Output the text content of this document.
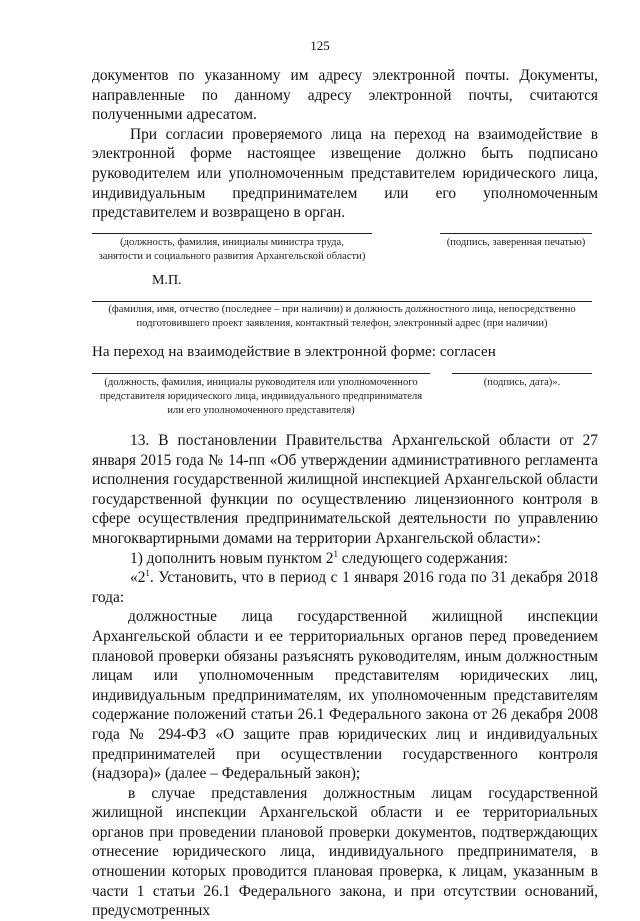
125

документов по указанному им адресу электронной почты. Документы, направленные по данному адресу электронной почты, считаются полученными адресатом.

При согласии проверяемого лица на переход на взаимодействие в электронной форме настоящее извещение должно быть подписано руководителем или уполномоченным представителем юридического лица, индивидуальным предпринимателем или его уполномоченным представителем и возвращено в орган.

(должность, фамилия, инициалы министра труда,
занятости и социального развития Архангельской области)
(подпись, заверенная печатью)
М.П.
(фамилия, имя, отчество (последнее – при наличии) и должность должностного лица, непосредственно
подготовившего проект заявления, контактный телефон, электронный адрес (при наличии)
На переход на взаимодействие в электронной форме: согласен
(должность, фамилия, инициалы руководителя или уполномоченного
представителя юридического лица, индивидуального предпринимателя
или его уполномоченного представителя)
(подпись, дата)».

13. В постановлении Правительства Архангельской области от 27 января 2015 года № 14-пп «Об утверждении административного регламента исполнения государственной жилищной инспекцией Архангельской области государственной функции по осуществлению лицензионного контроля в сфере осуществления предпринимательской деятельности по управлению многоквартирными домами на территории Архангельской области»:

1) дополнить новым пунктом $2^1$ следующего содержания:

«$2^1$. Установить, что в период с 1 января 2016 года по 31 декабря 2018 года:

должностные лица государственной жилищной инспекции Архангельской области и ее территориальных органов перед проведением плановой проверки обязаны разъяснять руководителям, иным должностным лицам или уполномоченным представителям юридических лиц, индивидуальным предпринимателям, их уполномоченным представителям содержание положений статьи 26.1 Федерального закона от 26 декабря 2008 года № 294-ФЗ «О защите прав юридических лиц и индивидуальных предпринимателей при осуществлении государственного контроля (надзора)» (далее – Федеральный закон);

в случае представления должностным лицам государственной жилищной инспекции Архангельской области и ее территориальных органов при проведении плановой проверки документов, подтверждающих отнесение юридического лица, индивидуального предпринимателя, в отношении которых проводится плановая проверка, к лицам, указанным в части 1 статьи 26.1 Федерального закона, и при отсутствии оснований, предусмотренных
